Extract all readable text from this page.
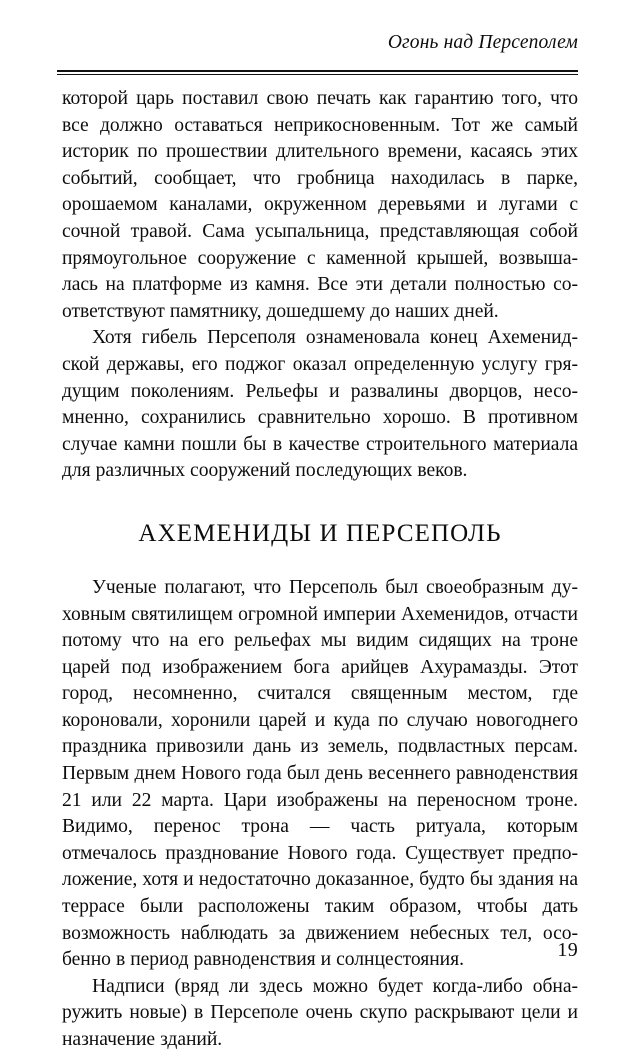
Огонь над Персеполем

которой царь поставил свою печать как гарантию того, что все должно оставаться неприкосновенным. Тот же самый историк по прошествии длительного времени, касаясь этих событий, сообщает, что гробница находилась в парке, орошаемом каналами, окруженном деревьями и лугами с сочной травой. Сама усыпальница, представляющая собой прямоугольное сооружение с каменной крышей, возвышалась на платформе из камня. Все эти детали полностью соответствуют памятнику, дошедшему до наших дней.

Хотя гибель Персеполя ознаменовала конец Ахеменидской державы, его поджог оказал определенную услугу грядущим поколениям. Рельефы и развалины дворцов, несомненно, сохранились сравнительно хорошо. В противном случае камни пошли бы в качестве строительного материала для различных сооружений последующих веков.

АХЕМЕНИДЫ И ПЕРСЕПОЛЬ

Ученые полагают, что Персеполь был своеобразным духовным святилищем огромной империи Ахеменидов, отчасти потому что на его рельефах мы видим сидящих на троне царей под изображением бога арийцев Ахурамазды. Этот город, несомненно, считался священным местом, где короновали, хоронили царей и куда по случаю новогоднего праздника привозили дань из земель, подвластных персам. Первым днем Нового года был день весеннего равноденствия 21 или 22 марта. Цари изображены на переносном троне. Видимо, перенос трона — часть ритуала, которым отмечалось празднование Нового года. Существует предположение, хотя и недостаточно доказанное, будто бы здания на террасе были расположены таким образом, чтобы дать возможность наблюдать за движением небесных тел, особенно в период равноденствия и солнцестояния.

Надписи (вряд ли здесь можно будет когда-либо обнаружить новые) в Персеполе очень скупо раскрывают цели и назначение зданий.

19
